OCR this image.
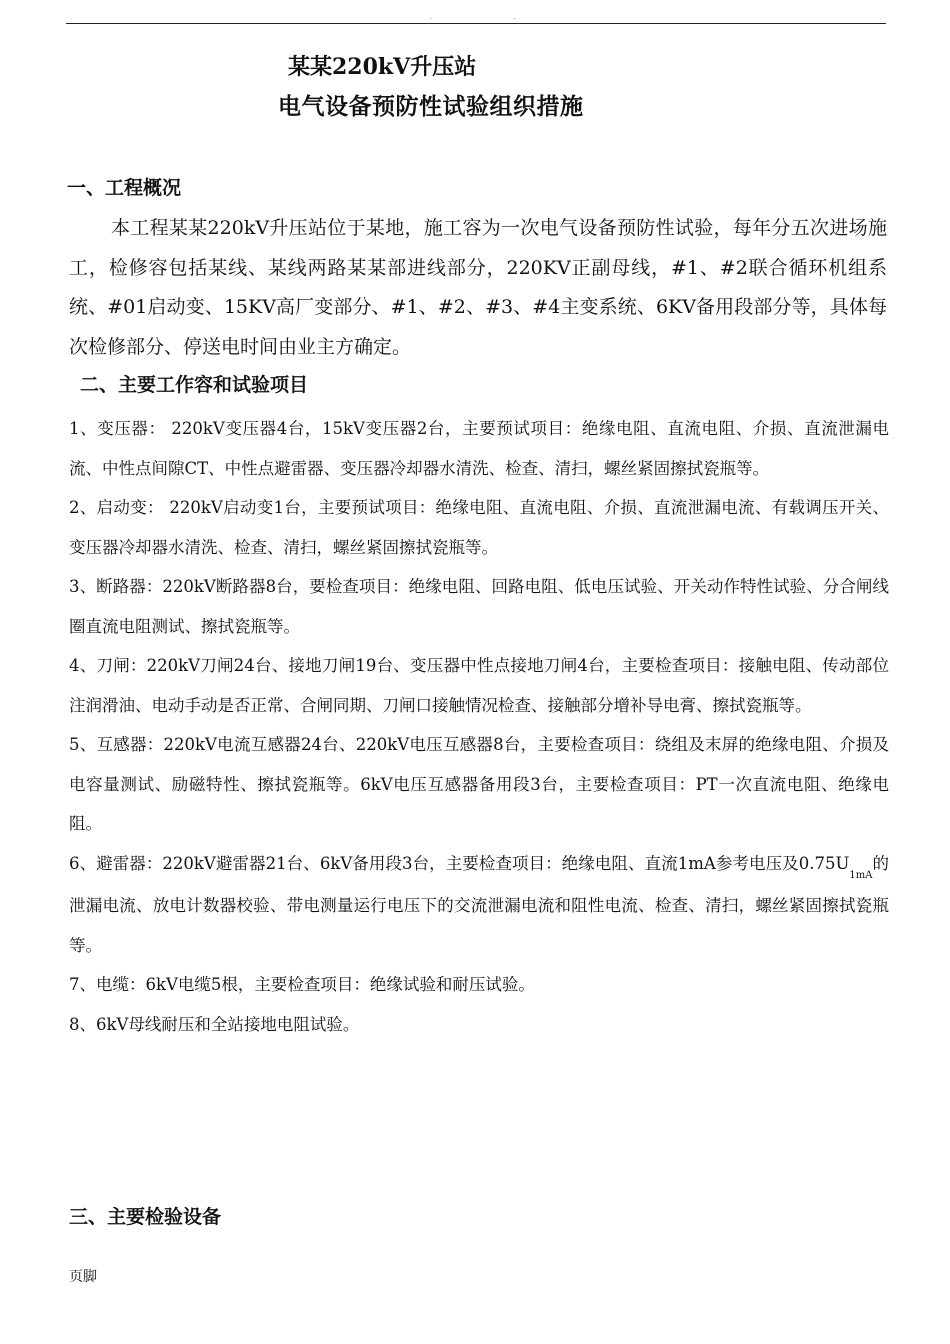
.	.
某某220kV升压站
电气设备预防性试验组织措施
一、工程概况

本工程某某220kV升压站位于某地，施工容为一次电气设备预防性试验，每年分五次进场施工，检修容包括某线、某线两路某某部进线部分，220KV正副母线，#1、#2联合循环机组系统、#01启动变、15KV高厂变部分、#1、#2、#3、#4主变系统、6KV备用段部分等，具体每次检修部分、停送电时间由业主方确定。

二、主要工作容和试验项目

1、变压器： 220kV变压器4台，15kV变压器2台，主要预试项目：绝缘电阻、直流电阻、介损、直流泄漏电流、中性点间隙CT、中性点避雷器、变压器冷却器水清洗、检查、清扫，螺丝紧固擦拭瓷瓶等。

2、启动变： 220kV启动变1台，主要预试项目：绝缘电阻、直流电阻、介损、直流泄漏电流、有载调压开关、变压器冷却器水清洗、检查、清扫，螺丝紧固擦拭瓷瓶等。

3、断路器：220kV断路器8台，要检查项目：绝缘电阻、回路电阻、低电压试验、开关动作特性试验、分合闸线圈直流电阻测试、擦拭瓷瓶等。

4、刀闸：220kV刀闸24台、接地刀闸19台、变压器中性点接地刀闸4台，主要检查项目：接触电阻、传动部位注润滑油、电动手动是否正常、合闸同期、刀闸口接触情况检查、接触部分增补导电膏、擦拭瓷瓶等。

5、互感器：220kV电流互感器24台、220kV电压互感器8台，主要检查项目：绕组及末屏的绝缘电阻、介损及电容量测试、励磁特性、擦拭瓷瓶等。6kV电压互感器备用段3台，主要检查项目：PT一次直流电阻、绝缘电阻。

6、避雷器：220kV避雷器21台、6kV备用段3台，主要检查项目：绝缘电阻、直流1mA参考电压及$0.75U_{1mA}$的泄漏电流、放电计数器校验、带电测量运行电压下的交流泄漏电流和阻性电流、检查、清扫，螺丝紧固擦拭瓷瓶等。

7、电缆：6kV电缆5根，主要检查项目：绝缘试验和耐压试验。

8、6kV母线耐压和全站接地电阻试验。

三、主要检验设备
页脚
